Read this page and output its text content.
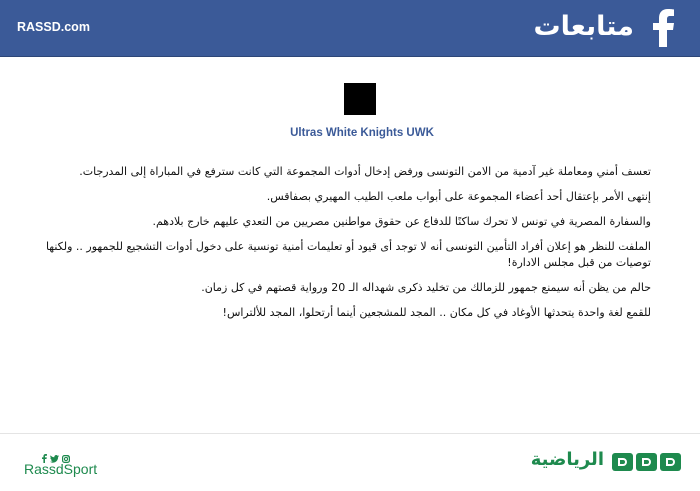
RASSD.com	متابعات
Ultras White Knights UWK

تعسف أمني ومعاملة غير آدمية من الامن التونسى ورفض إدخال أدوات المجموعة التي كانت سترفع في المباراة إلى المدرجات.

إنتهى الأمر بإعتقال أحد أعضاء المجموعة على أبواب ملعب الطيب المهيري بصفاقس.

والسفارة المصرية في تونس لا تحرك ساكنًا للدفاع عن حقوق مواطنين مصريين من التعدي عليهم خارج بلادهم.

الملفت للنظر هو إعلان أفراد التأمين التونسى أنه لا توجد أى قيود أو تعليمات أمنية تونسية على دخول أدوات التشجيع للجمهور .. ولكنها توصيات من قبل مجلس الادارة!

حالم من يظن أنه سيمنع جمهور للزمالك من تخليد ذكرى شهداله الـ 20 ورواية قصتهم في كل زمان.

للقمع لغة واحدة يتحدثها الأوغاد في كل مكان .. المجد للمشجعين أينما أرتحلوا، المجد للألتراس!

RassdSport	الرياضية
